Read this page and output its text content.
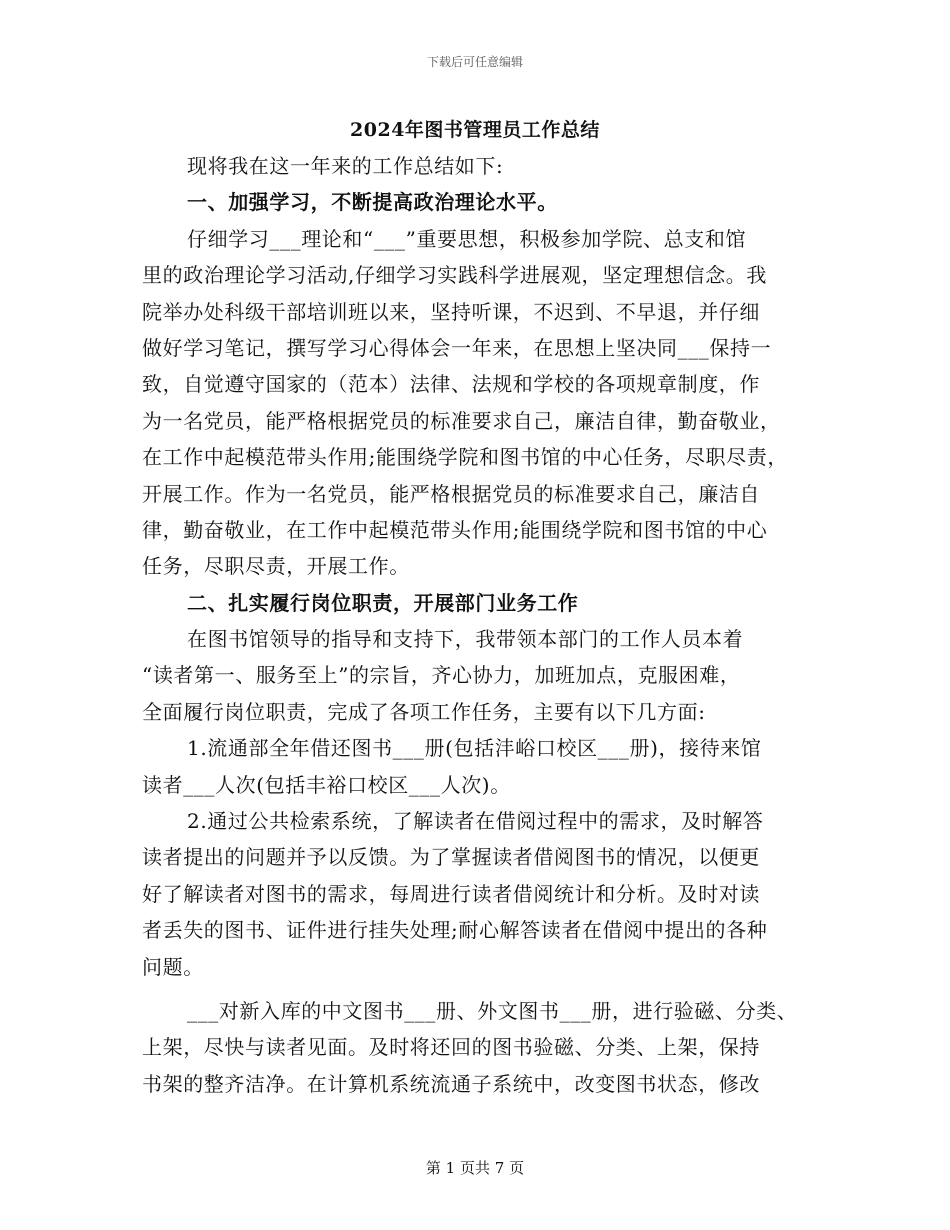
下载后可任意编辑
2024年图书管理员工作总结
现将我在这一年来的工作总结如下:
一、加强学习，不断提高政治理论水平。
仔细学习___理论和“___”重要思想，积极参加学院、总支和馆
里的政治理论学习活动,仔细学习实践科学进展观，坚定理想信念。我
院举办处科级干部培训班以来，坚持听课，不迟到、不早退，并仔细
做好学习笔记，撰写学习心得体会一年来，在思想上坚决同___保持一
致，自觉遵守国家的（范本）法律、法规和学校的各项规章制度，作
为一名党员，能严格根据党员的标准要求自己，廉洁自律，勤奋敬业，
在工作中起模范带头作用;能围绕学院和图书馆的中心任务，尽职尽责，
开展工作。作为一名党员，能严格根据党员的标准要求自己，廉洁自
律，勤奋敬业，在工作中起模范带头作用;能围绕学院和图书馆的中心
任务，尽职尽责，开展工作。
二、扎实履行岗位职责，开展部门业务工作
在图书馆领导的指导和支持下，我带领本部门的工作人员本着
“读者第一、服务至上”的宗旨，齐心协力，加班加点，克服困难，
全面履行岗位职责，完成了各项工作任务，主要有以下几方面:
1.流通部全年借还图书___册(包括沣峪口校区___册)，接待来馆
读者___人次(包括丰裕口校区___人次)。
2.通过公共检索系统，了解读者在借阅过程中的需求，及时解答
读者提出的问题并予以反馈。为了掌握读者借阅图书的情况，以便更
好了解读者对图书的需求，每周进行读者借阅统计和分析。及时对读
者丢失的图书、证件进行挂失处理;耐心解答读者在借阅中提出的各种
问题。
___对新入库的中文图书___册、外文图书___册，进行验磁、分类、
上架，尽快与读者见面。及时将还回的图书验磁、分类、上架，保持
书架的整齐洁净。在计算机系统流通子系统中，改变图书状态，修改
第 1 页共 7 页
